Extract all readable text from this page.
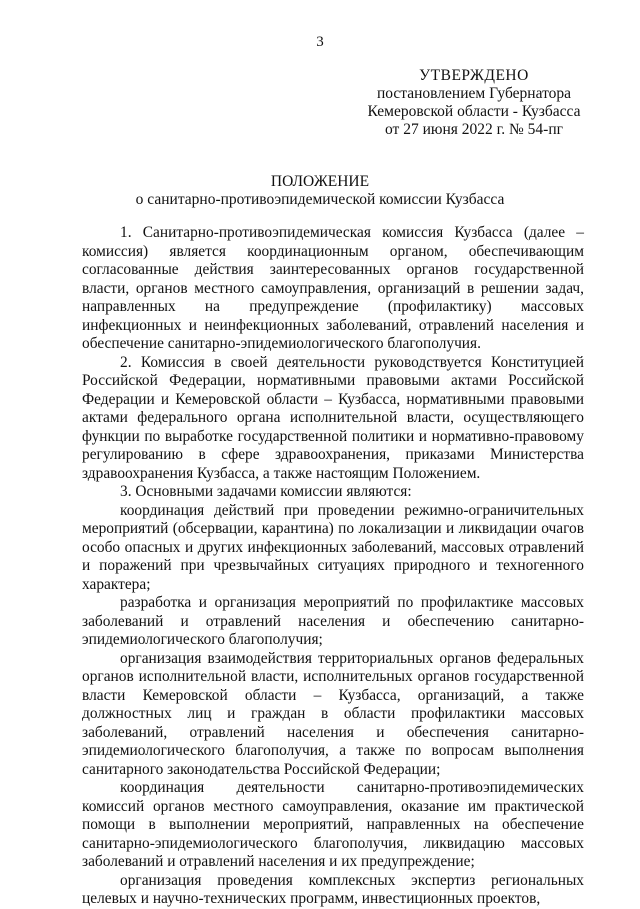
3
УТВЕРЖДЕНО
постановлением Губернатора
Кемеровской области - Кузбасса
от 27 июня 2022 г. № 54-пг
ПОЛОЖЕНИЕ
о санитарно-противоэпидемической комиссии Кузбасса

1. Санитарно-противоэпидемическая комиссия Кузбасса (далее – комиссия) является координационным органом, обеспечивающим согласованные действия заинтересованных органов государственной власти, органов местного самоуправления, организаций в решении задач, направленных на предупреждение (профилактику) массовых инфекционных и неинфекционных заболеваний, отравлений населения и обеспечение санитарно-эпидемиологического благополучия.

2. Комиссия в своей деятельности руководствуется Конституцией Российской Федерации, нормативными правовыми актами Российской Федерации и Кемеровской области – Кузбасса, нормативными правовыми актами федерального органа исполнительной власти, осуществляющего функции по выработке государственной политики и нормативно-правовому регулированию в сфере здравоохранения, приказами Министерства здравоохранения Кузбасса, а также настоящим Положением.

3. Основными задачами комиссии являются:

координация действий при проведении режимно-ограничительных мероприятий (обсервации, карантина) по локализации и ликвидации очагов особо опасных и других инфекционных заболеваний, массовых отравлений и поражений при чрезвычайных ситуациях природного и техногенного характера;

разработка и организация мероприятий по профилактике массовых заболеваний и отравлений населения и обеспечению санитарно-эпидемиологического благополучия;

организация взаимодействия территориальных органов федеральных органов исполнительной власти, исполнительных органов государственной власти Кемеровской области – Кузбасса, организаций, а также должностных лиц и граждан в области профилактики массовых заболеваний, отравлений населения и обеспечения санитарно-эпидемиологического благополучия, а также по вопросам выполнения санитарного законодательства Российской Федерации;

координация деятельности санитарно-противоэпидемических комиссий органов местного самоуправления, оказание им практической помощи в выполнении мероприятий, направленных на обеспечение санитарно-эпидемиологического благополучия, ликвидацию массовых заболеваний и отравлений населения и их предупреждение;

организация проведения комплексных экспертиз региональных целевых и научно-технических программ, инвестиционных проектов,
